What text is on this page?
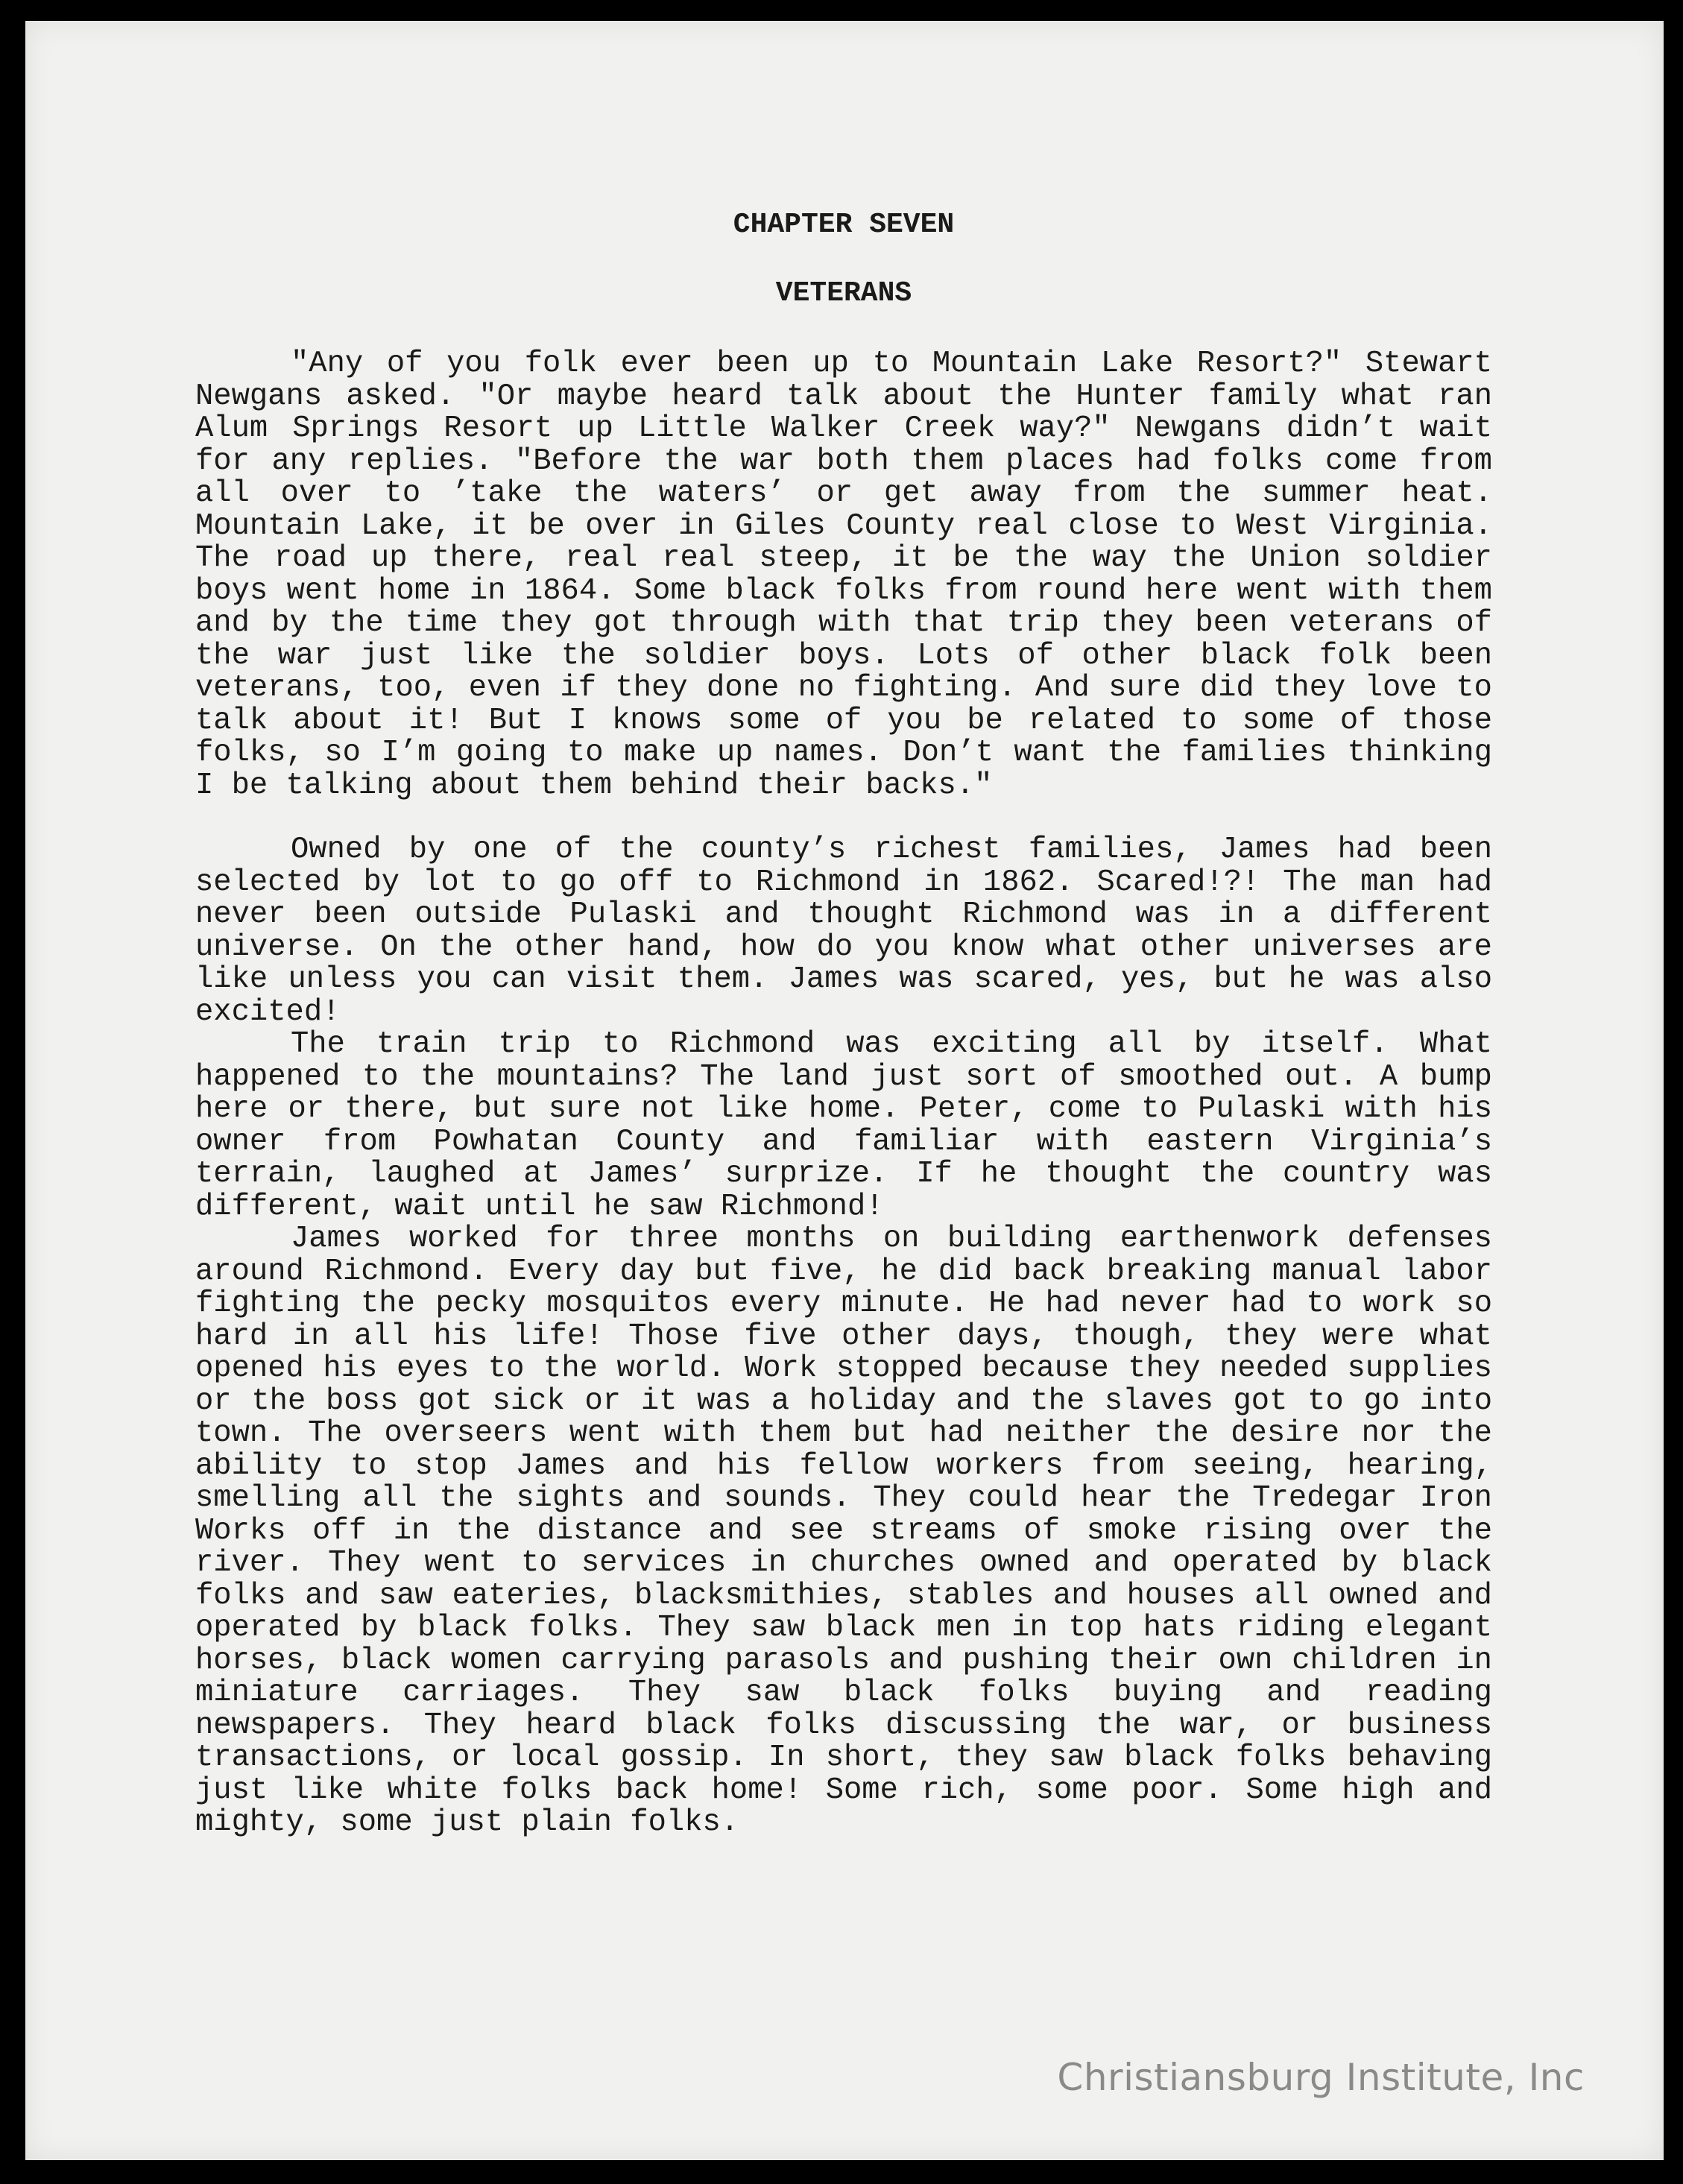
CHAPTER SEVEN

VETERANS

"Any of you folk ever been up to Mountain Lake Resort?" Stewart Newgans asked. "Or maybe heard talk about the Hunter family what ran Alum Springs Resort up Little Walker Creek way?" Newgans didn’t wait for any replies. "Before the war both them places had folks come from all over to ’take the waters’ or get away from the summer heat. Mountain Lake, it be over in Giles County real close to West Virginia. The road up there, real real steep, it be the way the Union soldier boys went home in 1864. Some black folks from round here went with them and by the time they got through with that trip they been veterans of the war just like the soldier boys. Lots of other black folk been veterans, too, even if they done no fighting. And sure did they love to talk about it! But I knows some of you be related to some of those folks, so I’m going to make up names. Don’t want the families thinking I be talking about them behind their backs."

Owned by one of the county’s richest families, James had been selected by lot to go off to Richmond in 1862. Scared!?! The man had never been outside Pulaski and thought Richmond was in a different universe. On the other hand, how do you know what other universes are like unless you can visit them. James was scared, yes, but he was also excited!

The train trip to Richmond was exciting all by itself. What happened to the mountains? The land just sort of smoothed out. A bump here or there, but sure not like home. Peter, come to Pulaski with his owner from Powhatan County and familiar with eastern Virginia’s terrain, laughed at James’ surprize. If he thought the country was different, wait until he saw Richmond!

James worked for three months on building earthenwork defenses around Richmond. Every day but five, he did back breaking manual labor fighting the pecky mosquitos every minute. He had never had to work so hard in all his life! Those five other days, though, they were what opened his eyes to the world. Work stopped because they needed supplies or the boss got sick or it was a holiday and the slaves got to go into town. The overseers went with them but had neither the desire nor the ability to stop James and his fellow workers from seeing, hearing, smelling all the sights and sounds. They could hear the Tredegar Iron Works off in the distance and see streams of smoke rising over the river. They went to services in churches owned and operated by black folks and saw eateries, blacksmithies, stables and houses all owned and operated by black folks. They saw black men in top hats riding elegant horses, black women carrying parasols and pushing their own children in miniature carriages. They saw black folks buying and reading newspapers. They heard black folks discussing the war, or business transactions, or local gossip. In short, they saw black folks behaving just like white folks back home! Some rich, some poor. Some high and mighty, some just plain folks.

Christiansburg Institute, Inc
